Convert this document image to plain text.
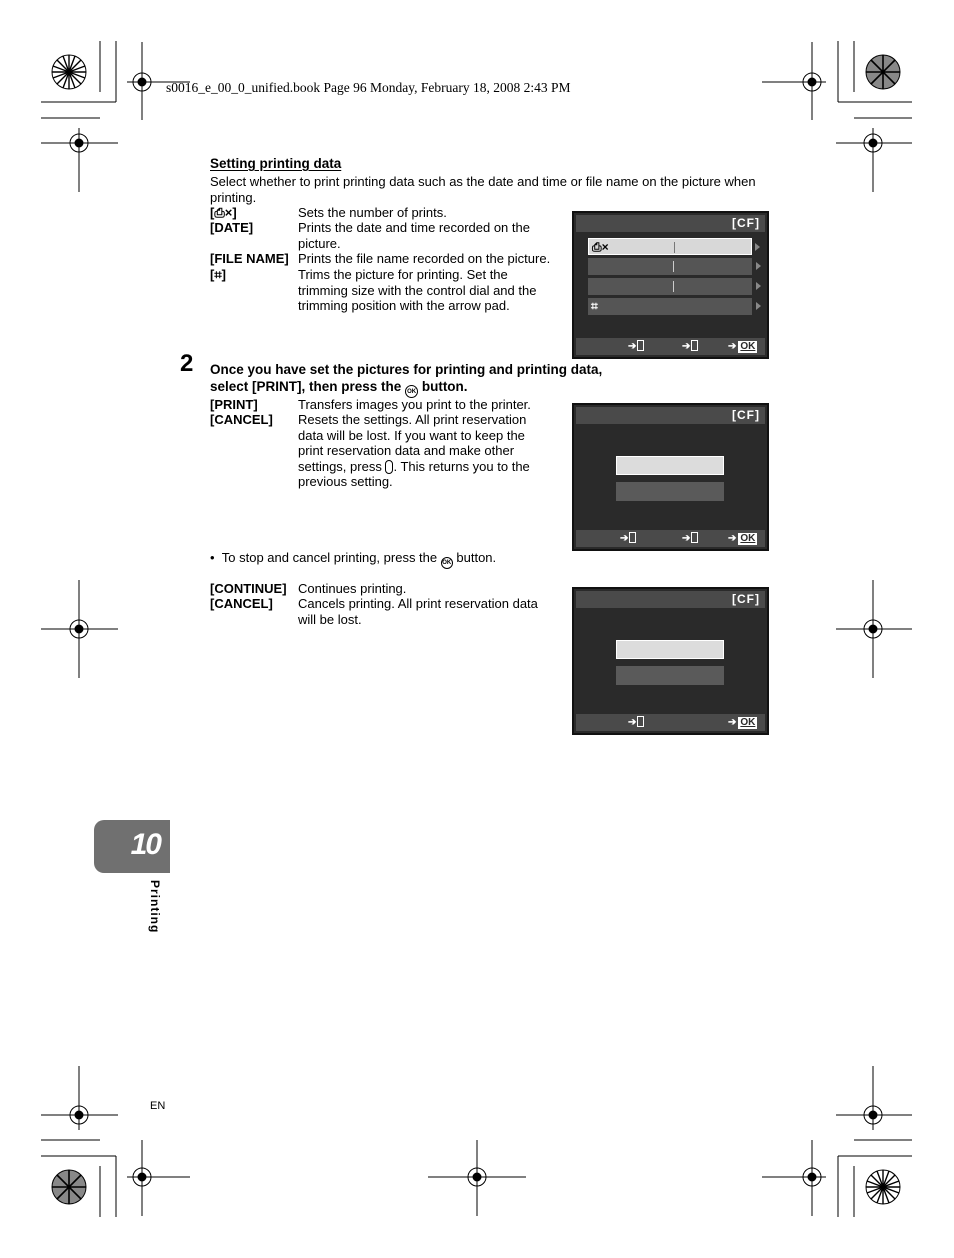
s0016_e_00_0_unified.book Page 96 Monday, February 18, 2008 2:43 PM
Setting printing data
Select whether to print printing data such as the date and time or file name on the picture when printing.
[⎙×]	Sets the number of prints.
[DATE]	Prints the date and time recorded on the picture.
[FILE NAME] Prints the file name recorded on the picture.
[⌗]	Trims the picture for printing. Set the trimming size with the control dial and the trimming position with the arrow pad.
[CF]
⎙×
⌗
➔	➔	➔ OK
2 Once you have set the pictures for printing and printing data, select [PRINT], then press the OK button.
[PRINT]	Transfers images you print to the printer.
[CANCEL] Resets the settings. All print reservation data will be lost. If you want to keep the print reservation data and make other settings, press . This returns you to the previous setting.
[CF]
➔	➔	➔ OK
•  To stop and cancel printing, press the OK button.
[CONTINUE] Continues printing.
[CANCEL] Cancels printing. All print reservation data will be lost.
[CF]
➔	➔ OK
10
Printing
EN
